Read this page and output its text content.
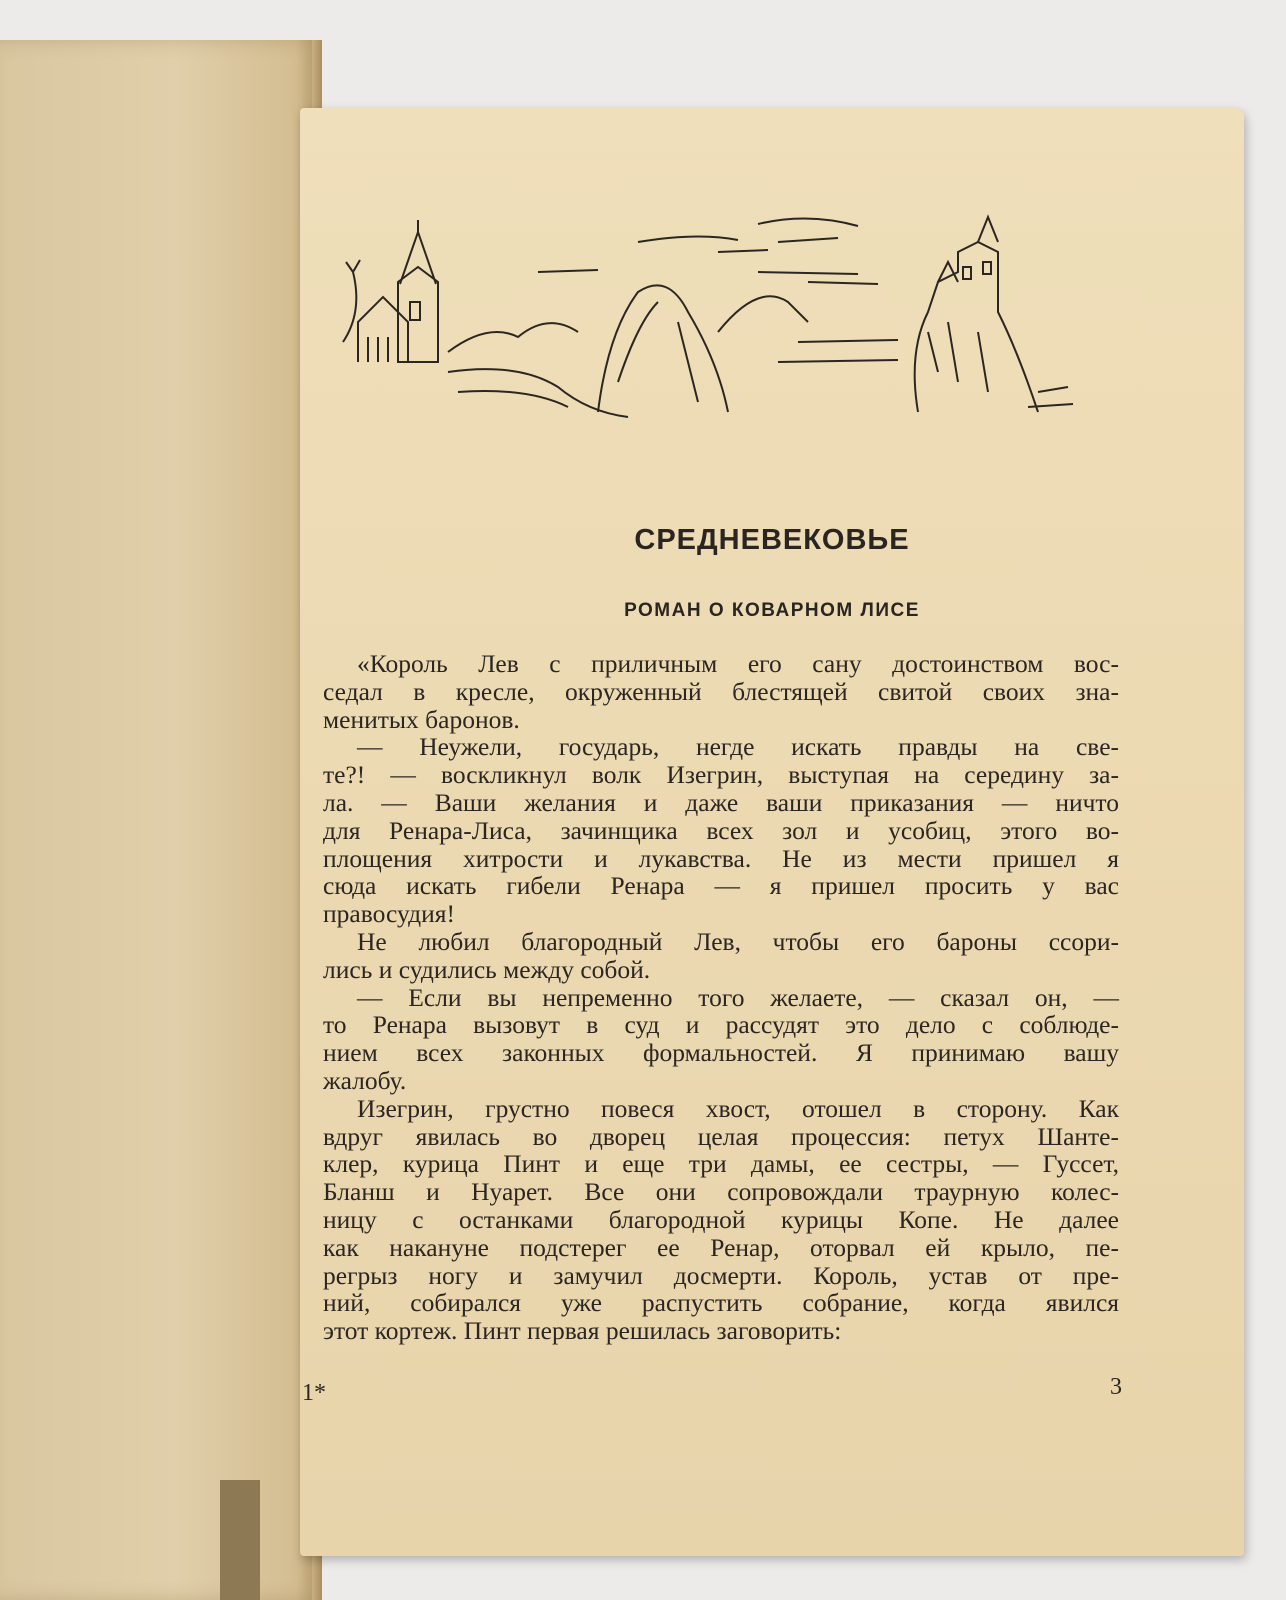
СРЕДНЕВЕКОВЬЕ
РОМАН О КОВАРНОМ ЛИСЕ
«Король Лев с приличным его сану достоинством вос-
седал в кресле, окруженный блестящей свитой своих зна-
менитых баронов.
— Неужели, государь, негде искать правды на све-
те?! — воскликнул волк Изегрин, выступая на середину за-
ла. — Ваши желания и даже ваши приказания — ничто
для Ренара-Лиса, зачинщика всех зол и усобиц, этого во-
площения хитрости и лукавства. Не из мести пришел я
сюда искать гибели Ренара — я пришел просить у вас
правосудия!
Не любил благородный Лев, чтобы его бароны ссори-
лись и судились между собой.
— Если вы непременно того желаете, — сказал он, —
то Ренара вызовут в суд и рассудят это дело с соблюде-
нием всех законных формальностей. Я принимаю вашу
жалобу.
Изегрин, грустно повеся хвост, отошел в сторону. Как
вдруг явилась во дворец целая процессия: петух Шанте-
клер, курица Пинт и еще три дамы, ее сестры, — Гуссет,
Бланш и Нуарет. Все они сопровождали траурную колес-
ницу с останками благородной курицы Копе. Не далее
как накануне подстерег ее Ренар, оторвал ей крыло, пе-
регрыз ногу и замучил досмерти. Король, устав от пре-
ний, собирался уже распустить собрание, когда явился
этот кортеж. Пинт первая решилась заговорить:
1*	3
